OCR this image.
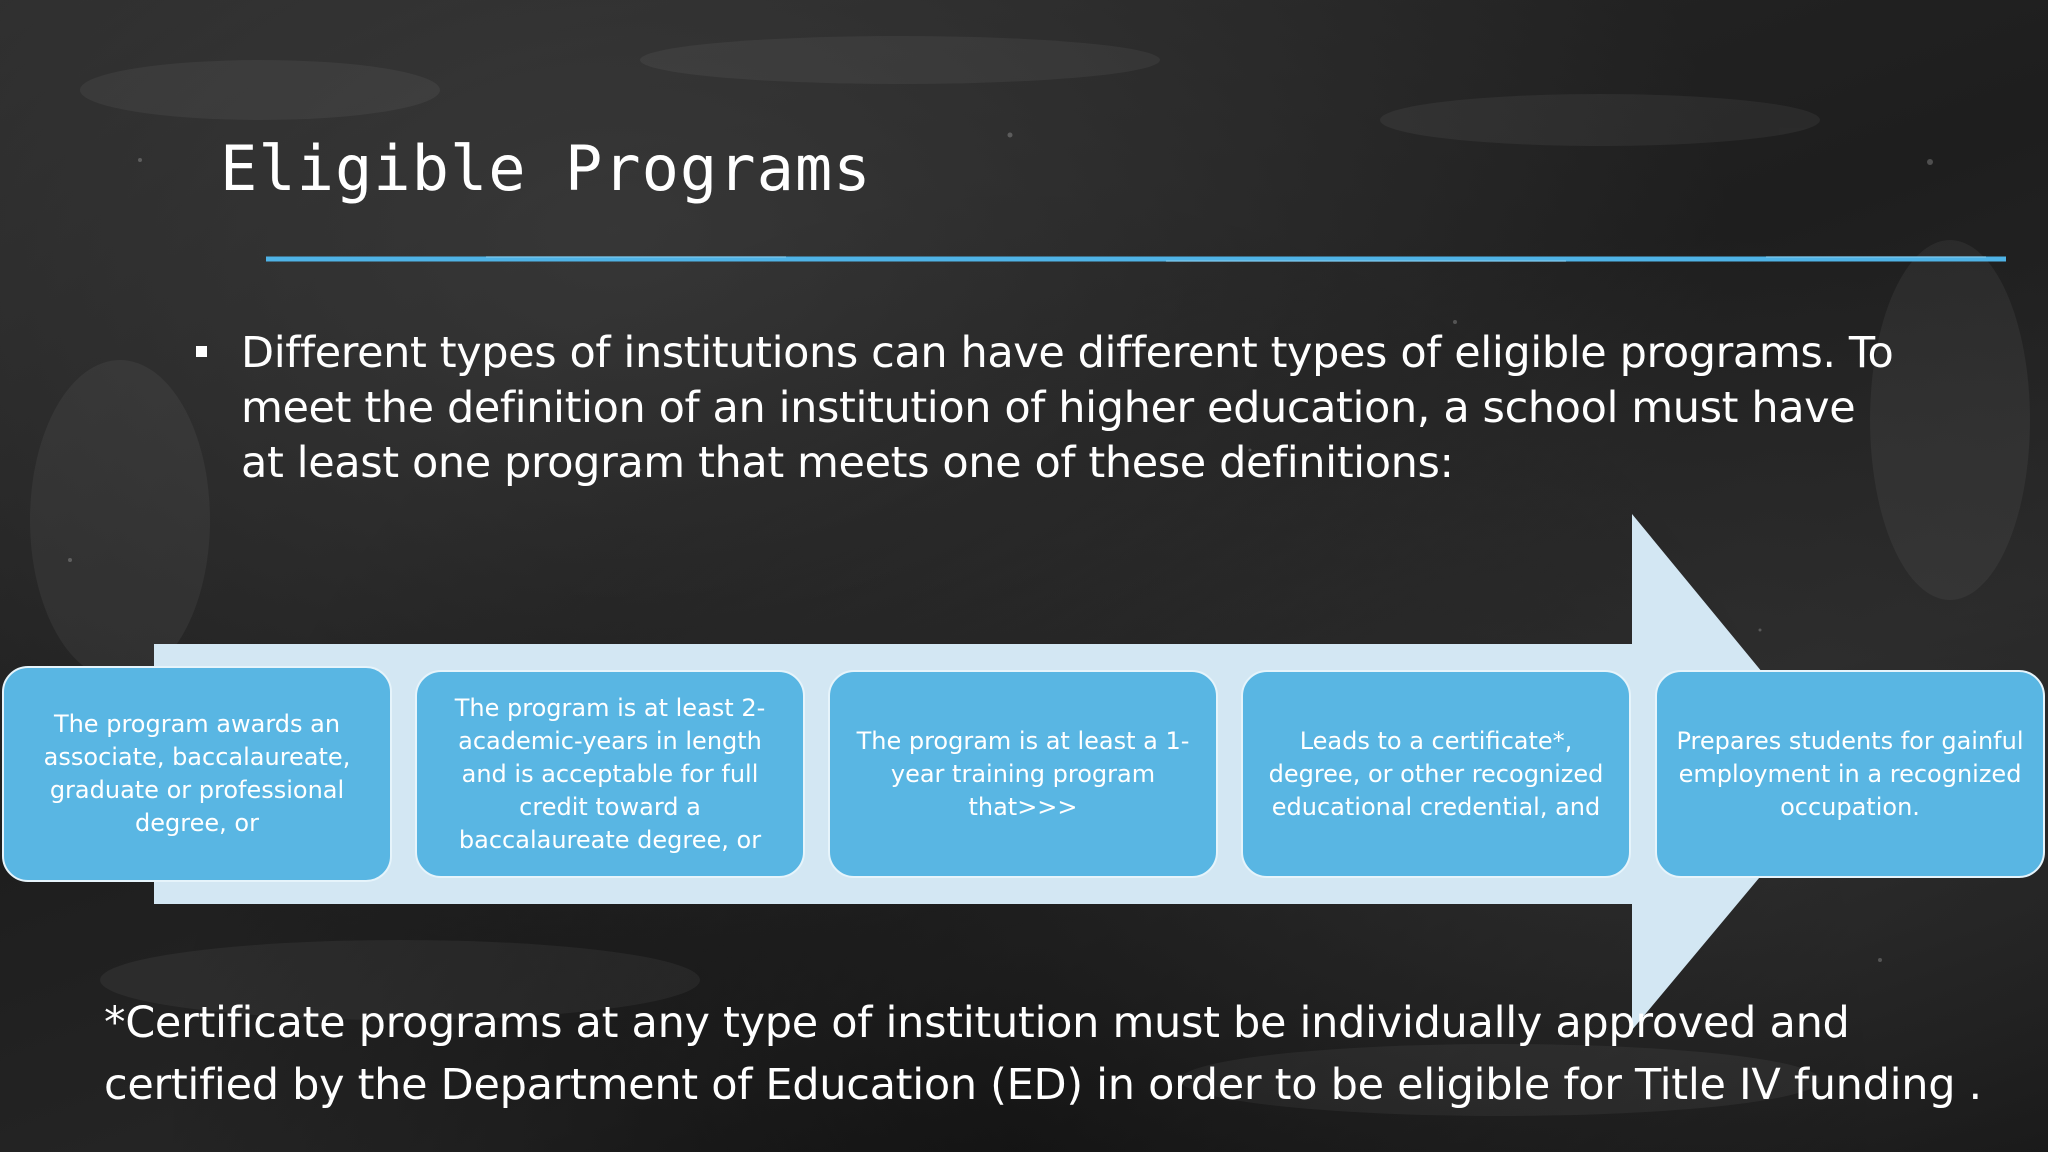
Eligible Programs

Different types of institutions can have different types of eligible programs. To meet the definition of an institution of higher education, a school must have at least one program that meets one of these definitions:

The program awards an associate, baccalaureate, graduate or professional degree, or
The program is at least 2-academic-years in length and is acceptable for full credit toward a baccalaureate degree, or
The program is at least a 1-year training program that>>>
Leads to a certificate*, degree, or other recognized educational credential, and
Prepares students for gainful employment in a recognized occupation.

*Certificate programs at any type of institution must be individually approved and
certified by the Department of Education (ED) in order to be eligible for Title IV funding .
